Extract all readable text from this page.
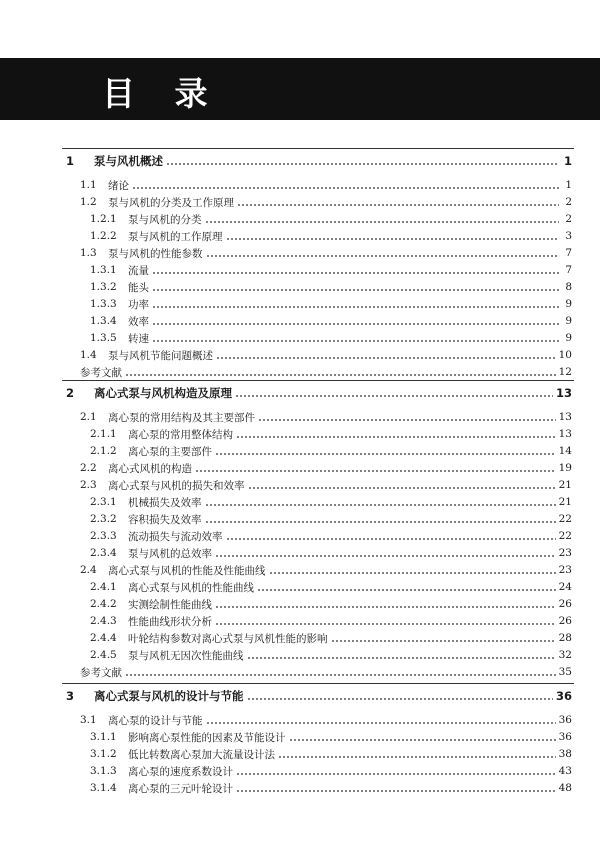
目 录
1	泵与风机概述	1
1.1	绪论	1
1.2	泵与风机的分类及工作原理	2
1.2.1	泵与风机的分类	2
1.2.2	泵与风机的工作原理	3
1.3	泵与风机的性能参数	7
1.3.1	流量	7
1.3.2	能头	8
1.3.3	功率	9
1.3.4	效率	9
1.3.5	转速	9
1.4	泵与风机节能问题概述	10
参考文献	12
2	离心式泵与风机构造及原理	13
2.1	离心泵的常用结构及其主要部件	13
2.1.1	离心泵的常用整体结构	13
2.1.2	离心泵的主要部件	14
2.2	离心式风机的构造	19
2.3	离心式泵与风机的损失和效率	21
2.3.1	机械损失及效率	21
2.3.2	容积损失及效率	22
2.3.3	流动损失与流动效率	22
2.3.4	泵与风机的总效率	23
2.4	离心式泵与风机的性能及性能曲线	23
2.4.1	离心式泵与风机的性能曲线	24
2.4.2	实测绘制性能曲线	26
2.4.3	性能曲线形状分析	26
2.4.4	叶轮结构参数对离心式泵与风机性能的影响	28
2.4.5	泵与风机无因次性能曲线	32
参考文献	35
3	离心式泵与风机的设计与节能	36
3.1	离心泵的设计与节能	36
3.1.1	影响离心泵性能的因素及节能设计	36
3.1.2	低比转数离心泵加大流量设计法	38
3.1.3	离心泵的速度系数设计	43
3.1.4	离心泵的三元叶轮设计	48
